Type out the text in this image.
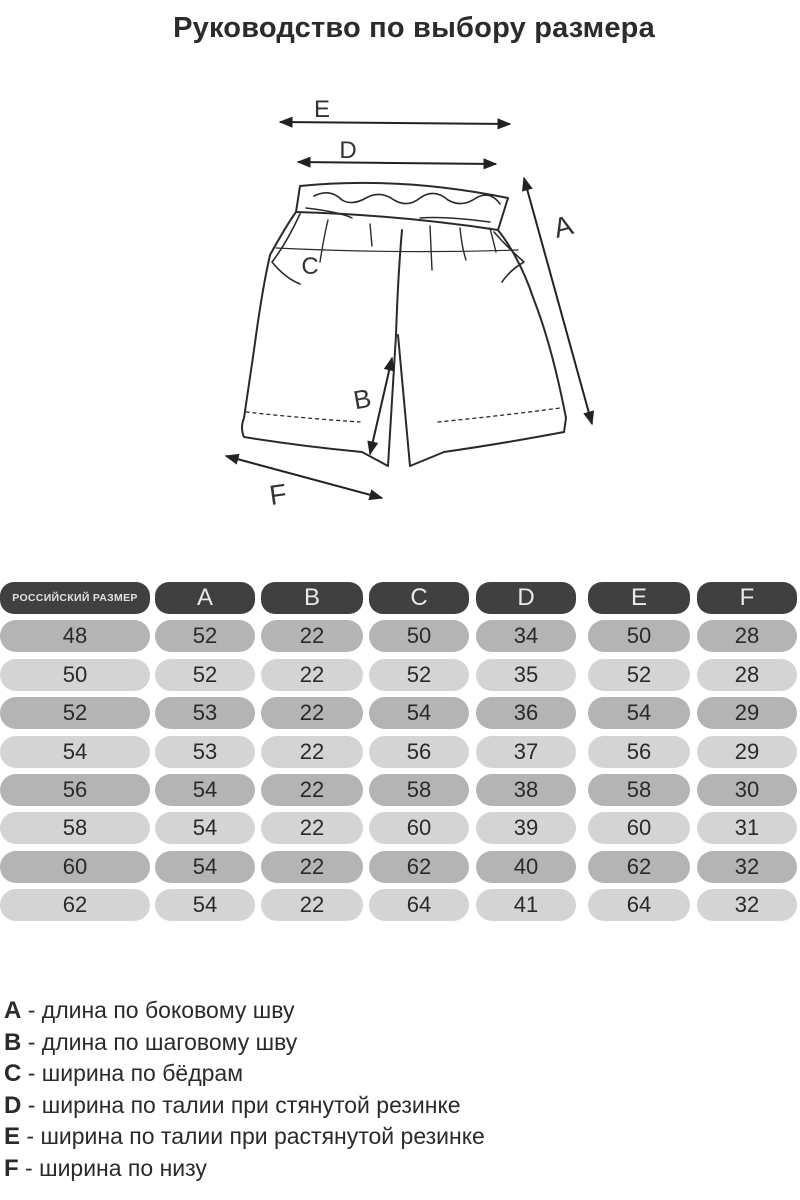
Руководство по выбору размера
E
D
A
C
B
F
РОССИЙСКИЙ РАЗМЕР	A	B	C	D	E	F
48	52	22	50	34	50	28
50	52	22	52	35	52	28
52	53	22	54	36	54	29
54	53	22	56	37	56	29
56	54	22	58	38	58	30
58	54	22	60	39	60	31
60	54	22	62	40	62	32
62	54	22	64	41	64	32
A - длина по боковому шву
B - длина по шаговому шву
C - ширина по бёдрам
D - ширина по талии при стянутой резинке
E - ширина по талии при растянутой резинке
F - ширина по низу
